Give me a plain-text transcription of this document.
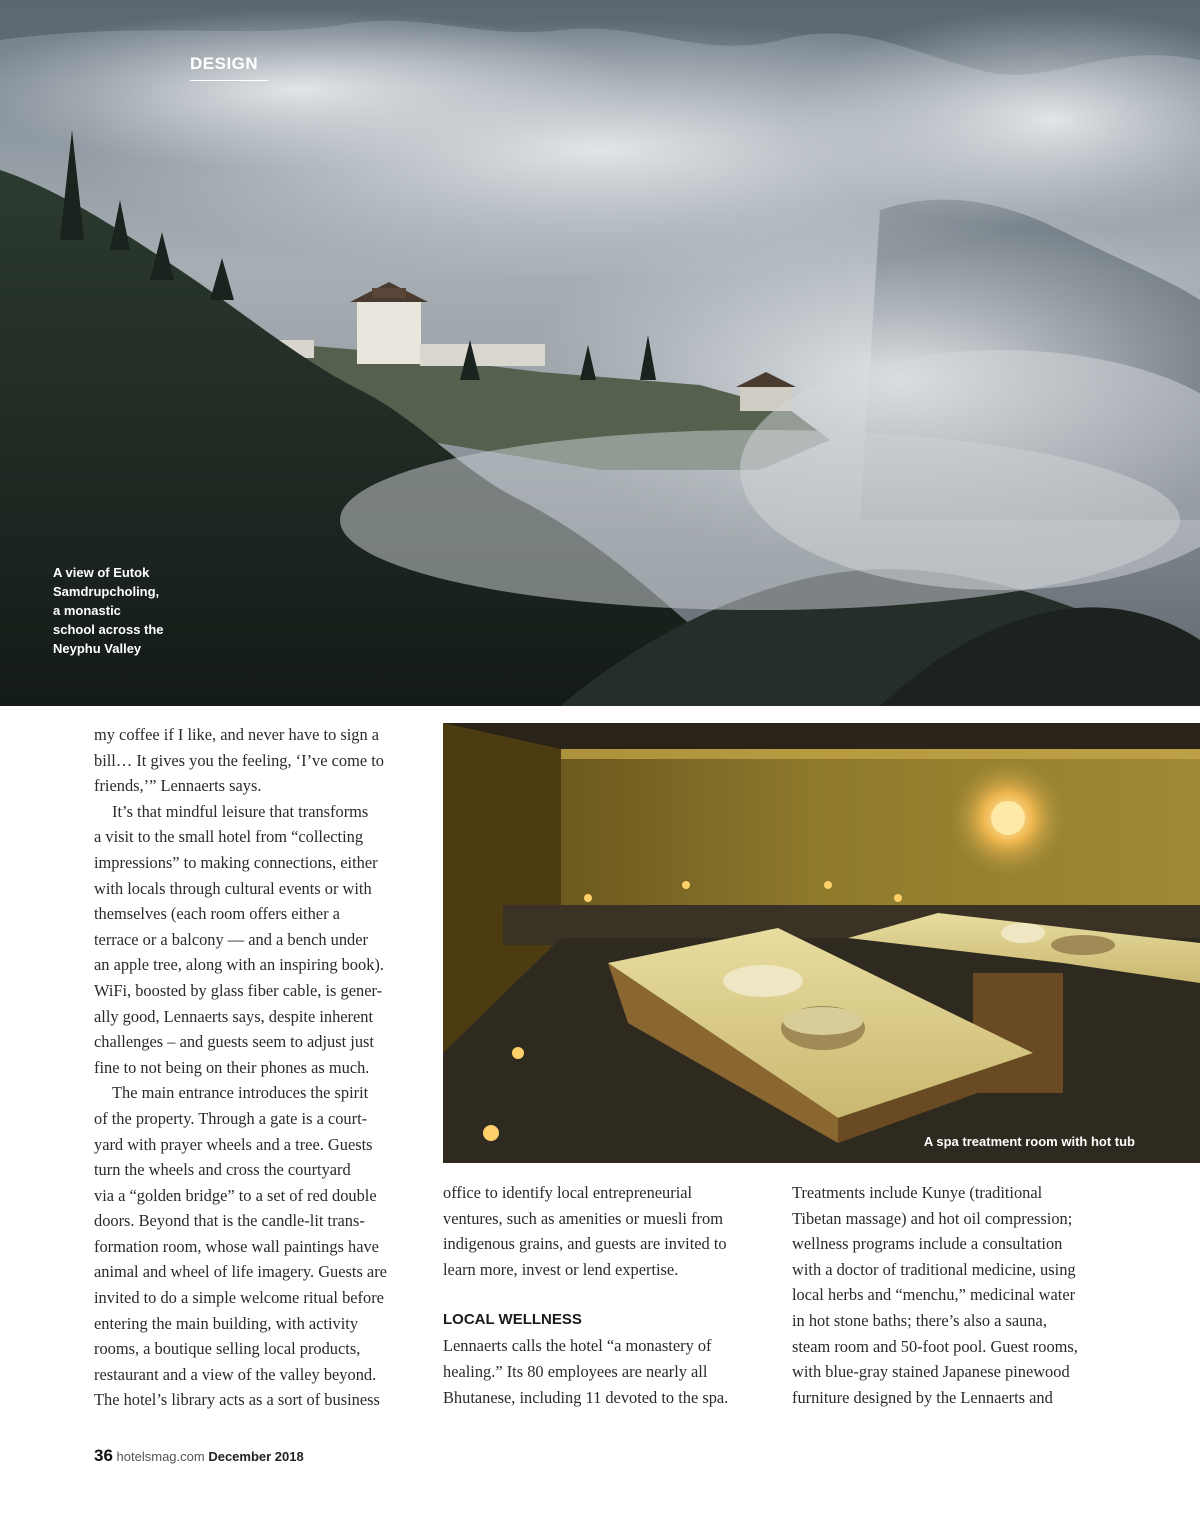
DESIGN
A view of Eutok
Samdrupcholing,
a monastic
school across the
Neyphu Valley
A spa treatment room with hot tub

my coffee if I like, and never have to sign a
bill… It gives you the feeling, ‘I’ve come to
friends,’” Lennaerts says.

It’s that mindful leisure that transforms
a visit to the small hotel from “collecting
impressions” to making connections, either
with locals through cultural events or with
themselves (each room offers either a
terrace or a balcony — and a bench under
an apple tree, along with an inspiring book).
WiFi, boosted by glass fiber cable, is gener-
ally good, Lennaerts says, despite inherent
challenges – and guests seem to adjust just
fine to not being on their phones as much.

The main entrance introduces the spirit
of the property. Through a gate is a court-
yard with prayer wheels and a tree. Guests
turn the wheels and cross the courtyard
via a “golden bridge” to a set of red double
doors. Beyond that is the candle-lit trans-
formation room, whose wall paintings have
animal and wheel of life imagery. Guests are
invited to do a simple welcome ritual before
entering the main building, with activity
rooms, a boutique selling local products,
restaurant and a view of the valley beyond.
The hotel’s library acts as a sort of business

office to identify local entrepreneurial
ventures, such as amenities or muesli from
indigenous grains, and guests are invited to
learn more, invest or lend expertise.

LOCAL WELLNESS

Lennaerts calls the hotel “a monastery of
healing.” Its 80 employees are nearly all
Bhutanese, including 11 devoted to the spa.

Treatments include Kunye (traditional
Tibetan massage) and hot oil compression;
wellness programs include a consultation
with a doctor of traditional medicine, using
local herbs and “menchu,” medicinal water
in hot stone baths; there’s also a sauna,
steam room and 50-foot pool. Guest rooms,
with blue-gray stained Japanese pinewood
furniture designed by the Lennaerts and

36 hotelsmag.com December 2018
